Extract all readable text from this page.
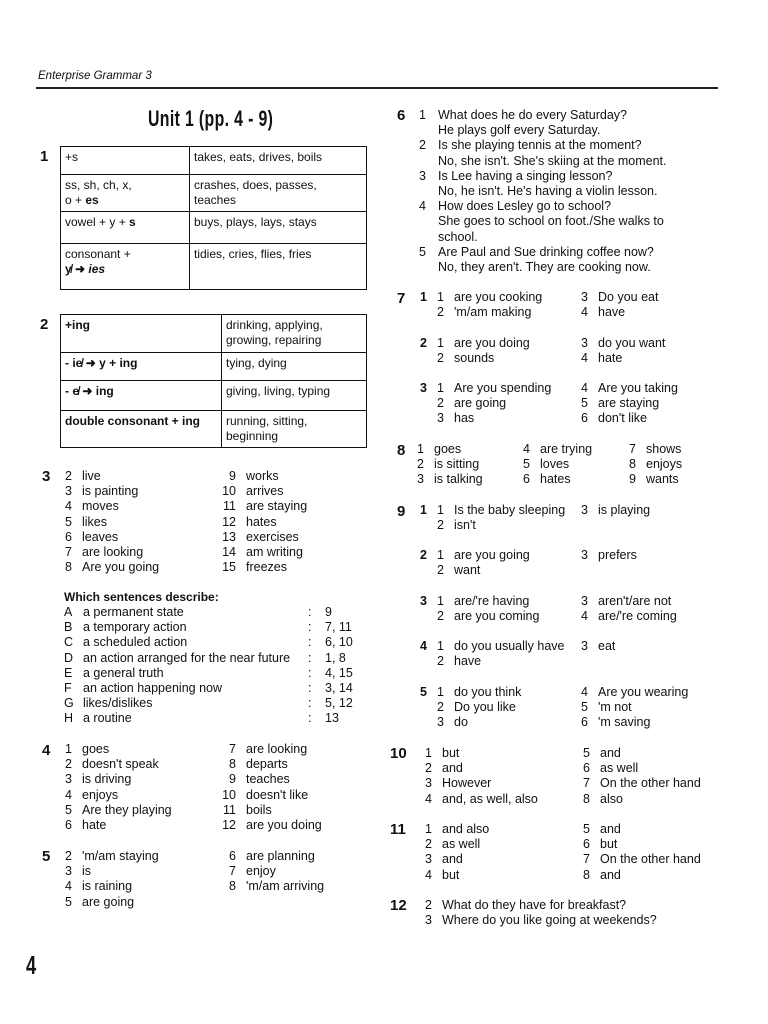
Enterprise Grammar 3
Unit 1 (pp. 4 - 9)
4
1 +s	takes, eats, drives, boils
ss, sh, ch, x,
o + es	crashes, does, passes, teaches
vowel + y + s	buys, plays, lays, stays
consonant +
y̸ ➜ ies	tidies, cries, flies, fries
2 +ing	drinking, applying, growing, repairing
- ie̸ ➜ y + ing	tying, dying
- e̸ ➜ ing	giving, living, typing
double consonant + ing	running, sitting, beginning
3	2 live
3 is painting
4 moves
5 likes
6 leaves
7 are looking
8 Are you going
9 works
10 arrives
11 are staying
12 hates
13 exercises
14 am writing
15 freezes
Which sentences describe:
A a permanent state	: 9
B a temporary action	: 7, 11
C a scheduled action	: 6, 10
D an action arranged for the near future : 1, 8
E a general truth	: 4, 15
F an action happening now	: 3, 14
G likes/dislikes	: 5, 12
H a routine	: 13
4	1 goes
2 doesn't speak
3 is driving
4 enjoys
5 Are they playing
6 hate
7 are looking
8 departs
9 teaches
10 doesn't like
11 boils
12 are you doing
5	2 'm/am staying
3 is
4 is raining
5 are going
6 are planning
7 enjoy
8 'm/am arriving
6 1 What does he do every Saturday?
He plays golf every Saturday.
2 Is she playing tennis at the moment?
No, she isn't. She's skiing at the moment.
3 Is Lee having a singing lesson?
No, he isn't. He's having a violin lesson.
4 How does Lesley go to school?
She goes to school on foot./She walks to
school.
5 Are Paul and Sue drinking coffee now?
No, they aren't. They are cooking now.
7 1 1 are you cooking
2 'm/am making
3 Do you eat
4 have
2 1 are you doing
2 sounds
3 do you want
4 hate
3 1 Are you spending
2 are going
3 has
4 Are you taking
5 are staying
6 don't like
8 1 goes
2 is sitting
3 is talking
4 are trying
5 loves
6 hates
7 shows
8 enjoys
9 wants
9 1 1 Is the baby sleeping
2 isn't
3 is playing
2 1 are you going
2 want
3 prefers
3 1 are/'re having
2 are you coming
3 aren't/are not
4 are/'re coming
4 1 do you usually have
2 have
3 eat
5 1 do you think
2 Do you like
3 do
4 Are you wearing
5 'm not
6 'm saving
10	1 but
2 and
3 However
4 and, as well, also
5 and
6 as well
7 On the other hand
8 also
11	1 and also
2 as well
3 and
4 but
5 and
6 but
7 On the other hand
8 and
12	2 What do they have for breakfast?
3 Where do you like going at weekends?
